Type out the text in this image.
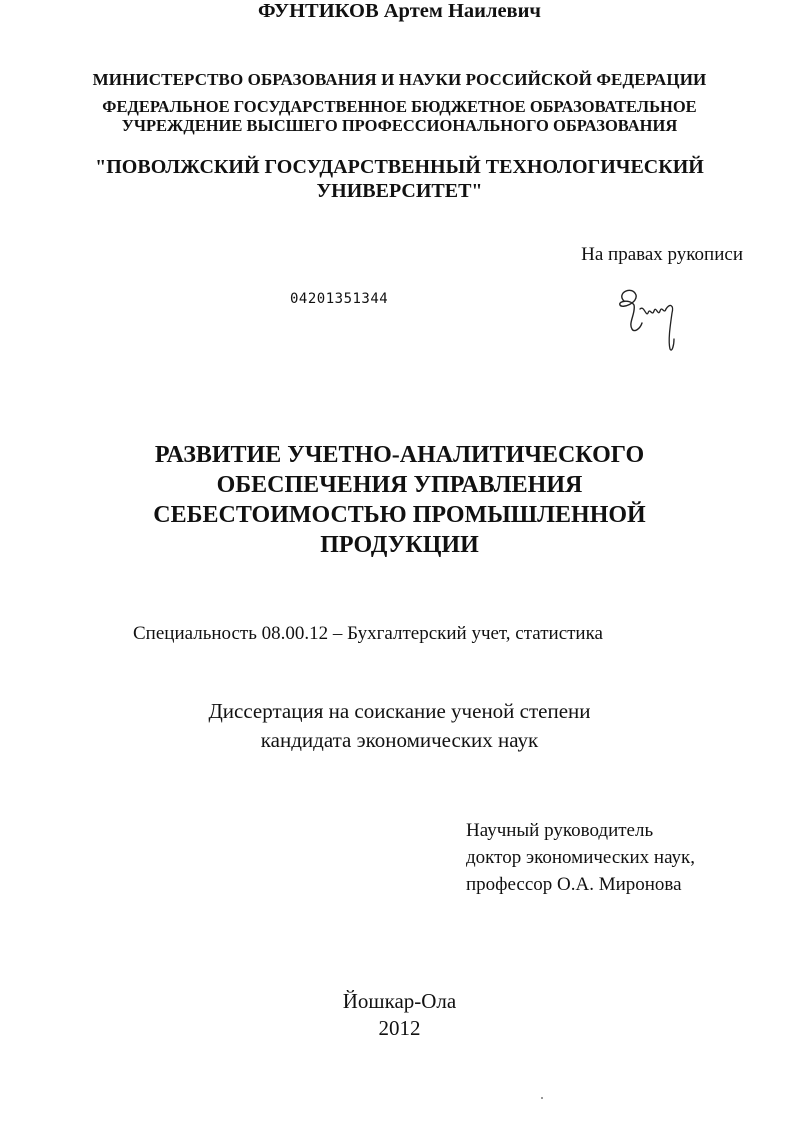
МИНИСТЕРСТВО ОБРАЗОВАНИЯ И НАУКИ РОССИЙСКОЙ ФЕДЕРАЦИИ
ФЕДЕРАЛЬНОЕ ГОСУДАРСТВЕННОЕ БЮДЖЕТНОЕ ОБРАЗОВАТЕЛЬНОЕ
УЧРЕЖДЕНИЕ ВЫСШЕГО ПРОФЕССИОНАЛЬНОГО ОБРАЗОВАНИЯ
"ПОВОЛЖСКИЙ ГОСУДАРСТВЕННЫЙ ТЕХНОЛОГИЧЕСКИЙ
УНИВЕРСИТЕТ"
На правах рукописи
04201351344
ФУНТИКОВ Артем Наилевич
РАЗВИТИЕ УЧЕТНО-АНАЛИТИЧЕСКОГО
ОБЕСПЕЧЕНИЯ УПРАВЛЕНИЯ
СЕБЕСТОИМОСТЬЮ ПРОМЫШЛЕННОЙ
ПРОДУКЦИИ
Специальность 08.00.12 – Бухгалтерский учет, статистика
Диссертация на соискание ученой степени
кандидата экономических наук
Научный руководитель
доктор экономических наук,
профессор О.А. Миронова
Йошкар-Ола
2012
